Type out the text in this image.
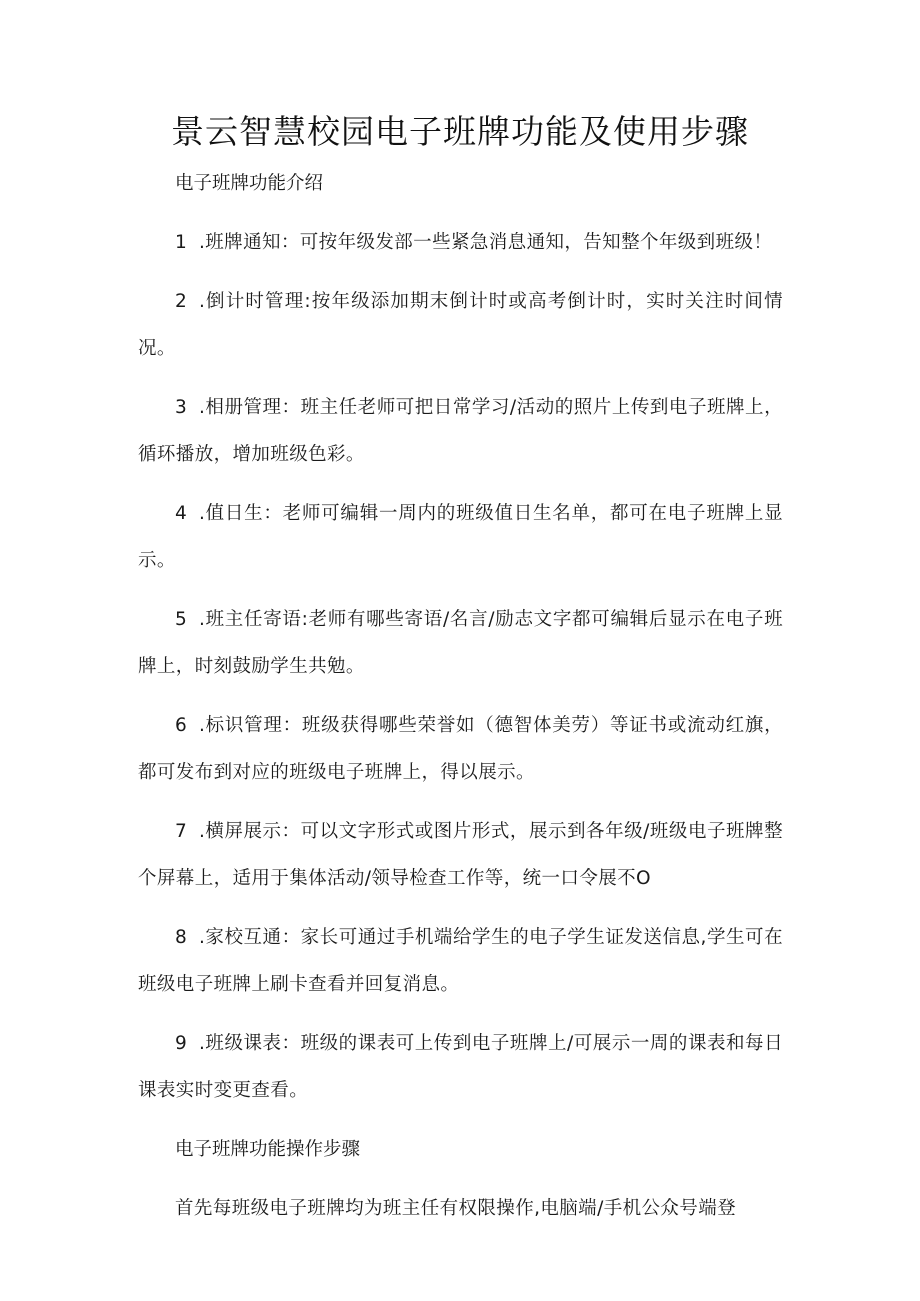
景云智慧校园电子班牌功能及使用步骤

电子班牌功能介绍

1 .班牌通知：可按年级发部一些紧急消息通知，告知整个年级到班级！

2 .倒计时管理:按年级添加期末倒计时或高考倒计时，实时关注时间情况。

3 .相册管理：班主任老师可把日常学习/活动的照片上传到电子班牌上，循环播放，增加班级色彩。

4 .值日生：老师可编辑一周内的班级值日生名单，都可在电子班牌上显示。

5 .班主任寄语:老师有哪些寄语/名言/励志文字都可编辑后显示在电子班牌上，时刻鼓励学生共勉。

6 .标识管理：班级获得哪些荣誉如（德智体美劳）等证书或流动红旗，都可发布到对应的班级电子班牌上，得以展示。

7 .横屏展示：可以文字形式或图片形式，展示到各年级/班级电子班牌整个屏幕上，适用于集体活动/领导检查工作等，统一口令展不O

8 .家校互通：家长可通过手机端给学生的电子学生证发送信息,学生可在班级电子班牌上刷卡查看并回复消息。

9 .班级课表：班级的课表可上传到电子班牌上/可展示一周的课表和每日课表实时变更查看。

电子班牌功能操作步骤

首先每班级电子班牌均为班主任有权限操作,电脑端/手机公众号端登
